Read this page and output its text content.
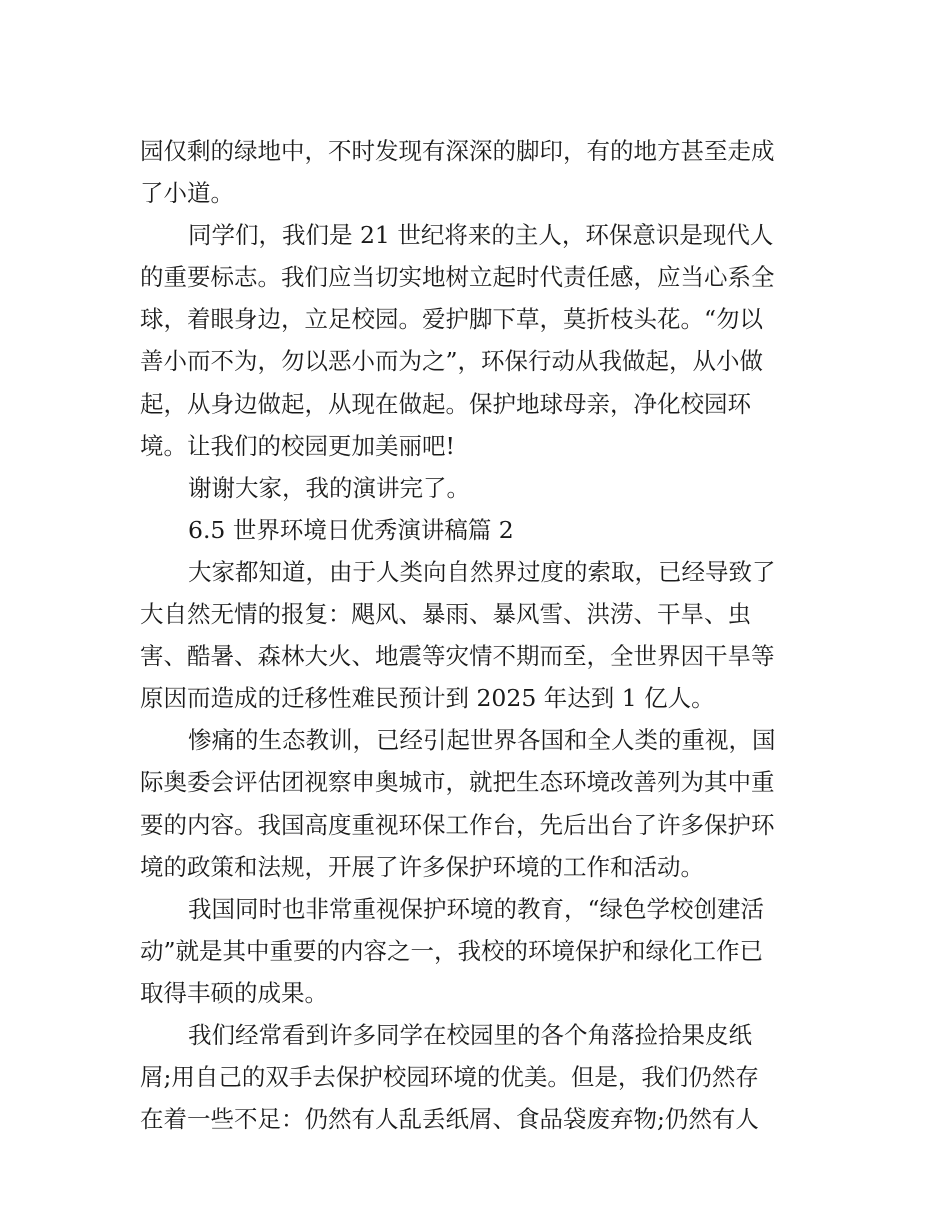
园仅剩的绿地中，不时发现有深深的脚印，有的地方甚至走成
了小道。
同学们，我们是 21 世纪将来的主人，环保意识是现代人
的重要标志。我们应当切实地树立起时代责任感，应当心系全
球，着眼身边，立足校园。爱护脚下草，莫折枝头花。“勿以
善小而不为，勿以恶小而为之”，环保行动从我做起，从小做
起，从身边做起，从现在做起。保护地球母亲，净化校园环
境。让我们的校园更加美丽吧!
谢谢大家，我的演讲完了。
6.5 世界环境日优秀演讲稿篇 2
大家都知道，由于人类向自然界过度的索取，已经导致了
大自然无情的报复：飓风、暴雨、暴风雪、洪涝、干旱、虫
害、酷暑、森林大火、地震等灾情不期而至，全世界因干旱等
原因而造成的迁移性难民预计到 2025 年达到 1 亿人。
惨痛的生态教训，已经引起世界各国和全人类的重视，国
际奥委会评估团视察申奥城市，就把生态环境改善列为其中重
要的内容。我国高度重视环保工作台，先后出台了许多保护环
境的政策和法规，开展了许多保护环境的工作和活动。
我国同时也非常重视保护环境的教育，“绿色学校创建活
动”就是其中重要的内容之一，我校的环境保护和绿化工作已
取得丰硕的成果。
我们经常看到许多同学在校园里的各个角落捡拾果皮纸
屑;用自己的双手去保护校园环境的优美。但是，我们仍然存
在着一些不足：仍然有人乱丢纸屑、食品袋废弃物;仍然有人
